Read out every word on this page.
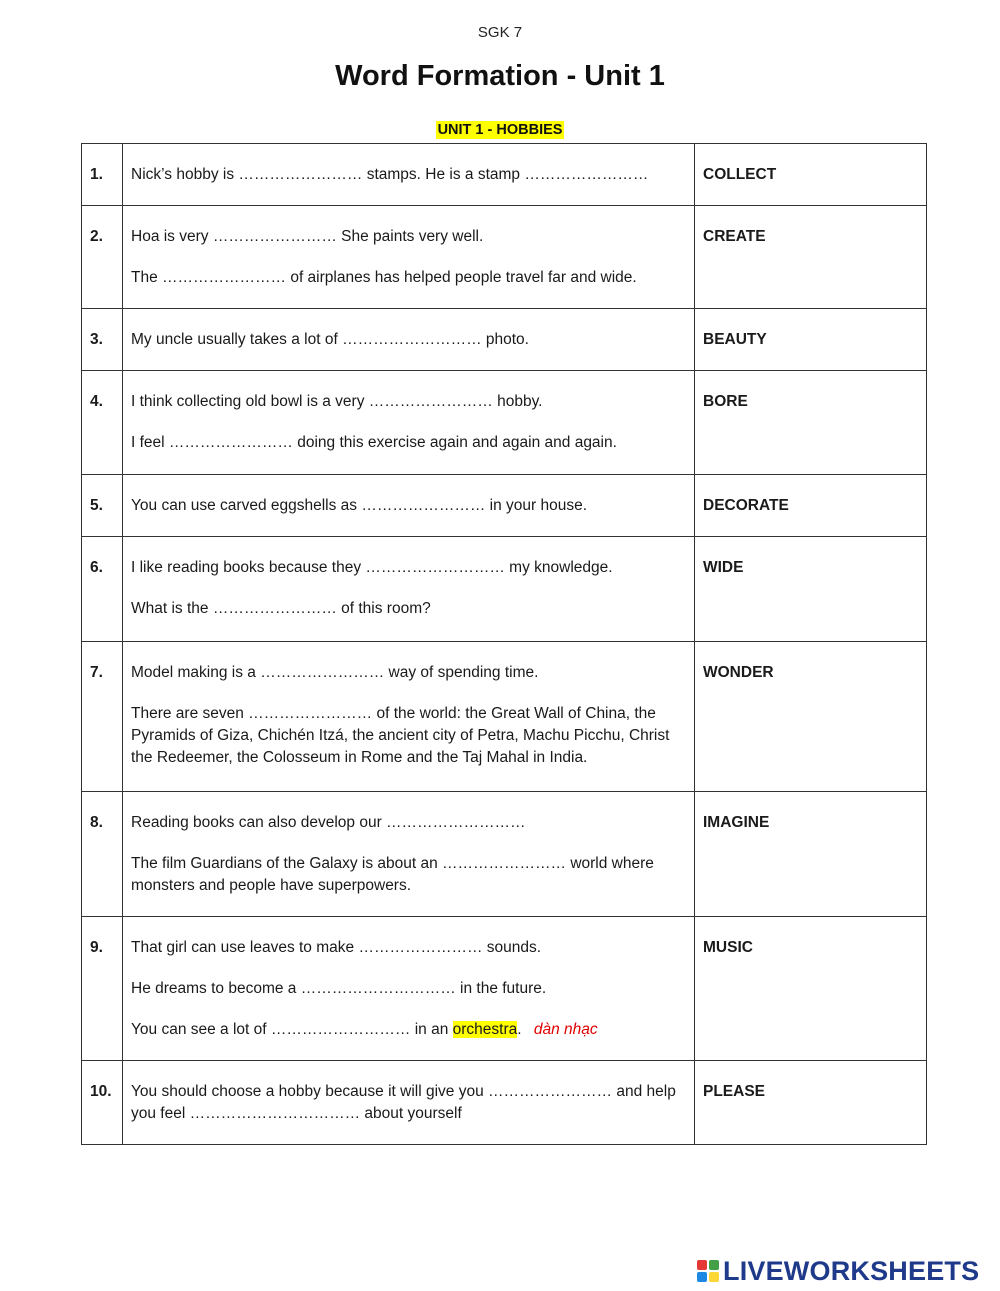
SGK 7
Word Formation - Unit 1
UNIT 1 - HOBBIES
1.	Nick’s hobby is …………………… stamps. He is a stamp ……………………	COLLECT
2.	Hoa is very …………………… She paints very well.

The …………………… of airplanes has helped people travel far and wide.	CREATE
3.	My uncle usually takes a lot of ……………………… photo.	BEAUTY
4.	I think collecting old bowl is a very …………………… hobby.

I feel …………………… doing this exercise again and again and again.	BORE
5.	You can use carved eggshells as …………………… in your house.	DECORATE
6.	I like reading books because they ……………………… my knowledge.

What is the …………………… of this room?	WIDE
7.	Model making is a …………………… way of spending time.

There are seven …………………… of the world: the Great Wall of China, the Pyramids of Giza, Chichén Itzá, the ancient city of Petra, Machu Picchu, Christ the Redeemer, the Colosseum in Rome and the Taj Mahal in India.	WONDER
8.	Reading books can also develop our ………………………

The film Guardians of the Galaxy is about an …………………… world where monsters and people have superpowers.	IMAGINE
9.	That girl can use leaves to make …………………… sounds.

He dreams to become a ………………………… in the future.

You can see a lot of ……………………… in an orchestra. dàn nhạc	MUSIC
10.	You should choose a hobby because it will give you …………………… and help you feel …………………………… about yourself	PLEASE
LIVEWORKSHEETS
